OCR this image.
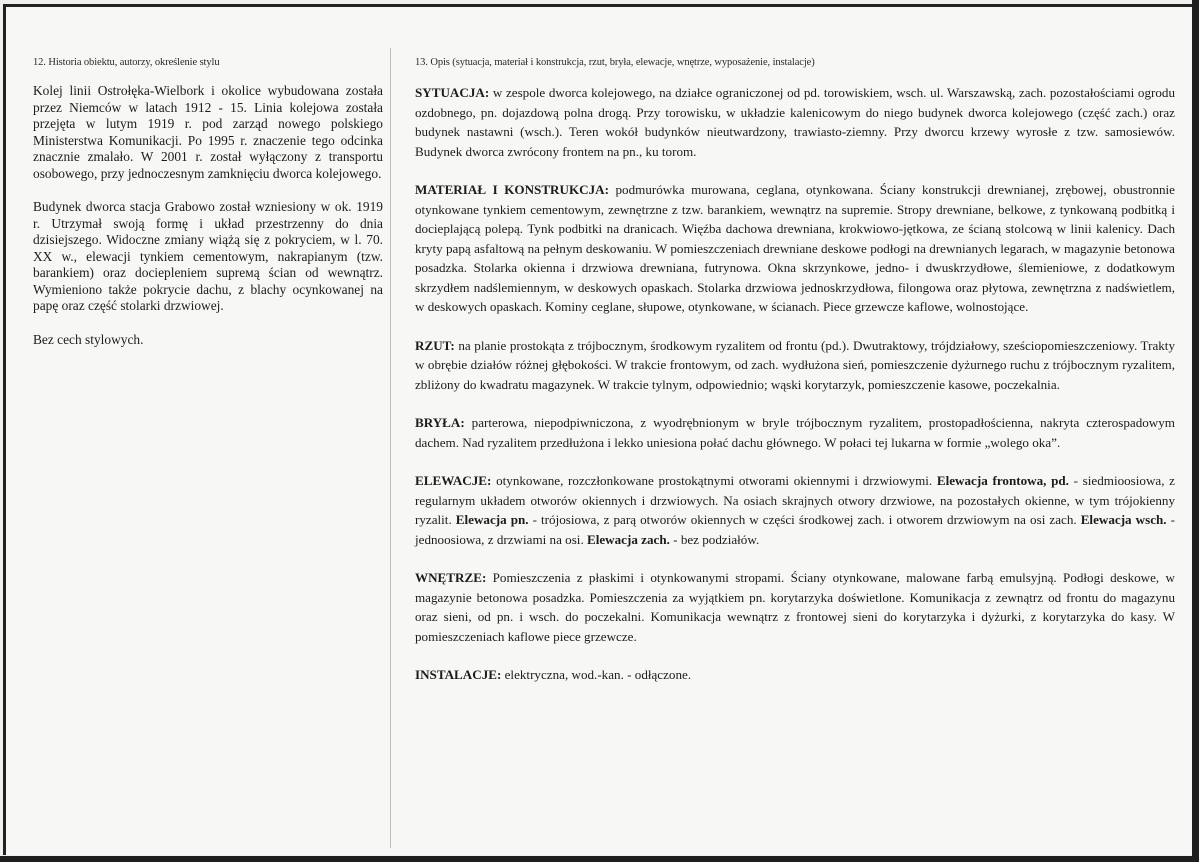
12. Historia obiektu, autorzy, określenie stylu

Kolej linii Ostrołęka-Wielbork i okolice wybudowana została przez Niemców w latach 1912 - 15. Linia kolejowa została przejęta w lutym 1919 r. pod zarząd nowego polskiego Ministerstwa Komunikacji. Po 1995 r. znaczenie tego odcinka znacznie zmalało. W 2001 r. został wyłączony z transportu osobowego, przy jednoczesnym zamknięciu dworca kolejowego.

Budynek dworca stacja Grabowo został wzniesiony w ok. 1919 r. Utrzymał swoją formę i układ przestrzenny do dnia dzisiejszego. Widoczne zmiany wiążą się z pokryciem, w l. 70. XX w., elewacji tynkiem cementowym, nakrapianym (tzw. barankiem) oraz dociepleniem suprемą ścian od wewnątrz. Wymieniono także pokrycie dachu, z blachy ocynkowanej na papę oraz część stolarki drzwiowej.

Bez cech stylowych.

13. Opis (sytuacja, materiał i konstrukcja, rzut, bryła, elewacje, wnętrze, wyposażenie, instalacje)

SYTUACJA: w zespole dworca kolejowego, na działce ograniczonej od pd. torowiskiem, wsch. ul. Warszawską, zach. pozostałościami ogrodu ozdobnego, pn. dojazdową polna drogą. Przy torowisku, w układzie kalenicowym do niego budynek dworca kolejowego (część zach.) oraz budynek nastawni (wsch.). Teren wokół budynków nieutwardzony, trawiasto-ziemny. Przy dworcu krzewy wyrosłe z tzw. samosiewów. Budynek dworca zwrócony frontem na pn., ku torom.

MATERIAŁ I KONSTRUKCJA: podmurówka murowana, ceglana, otynkowana. Ściany konstrukcji drewnianej, zrębowej, obustronnie otynkowane tynkiem cementowym, zewnętrzne z tzw. barankiem, wewnątrz na supremie. Stropy drewniane, belkowe, z tynkowaną podbitką i docieplającą polepą. Tynk podbitki na dranicach. Więźba dachowa drewniana, krokwiowo-jętkowa, ze ścianą stolcową w linii kalenicy. Dach kryty papą asfaltową na pełnym deskowaniu. W pomieszczeniach drewniane deskowe podłogi na drewnianych legarach, w magazynie betonowa posadzka. Stolarka okienna i drzwiowa drewniana, futrynowa. Okna skrzynkowe, jedno- i dwuskrzydłowe, ślemieniowe, z dodatkowym skrzydłem nadślemiennym, w deskowych opaskach. Stolarka drzwiowa jednoskrzydłowa, filongowa oraz płytowa, zewnętrzna z nadświetlem, w deskowych opaskach. Kominy ceglane, słupowe, otynkowane, w ścianach. Piece grzewcze kaflowe, wolnostojące.

RZUT: na planie prostokąta z trójbocznym, środkowym ryzalitem od frontu (pd.). Dwutraktowy, trójdziałowy, sześciopomieszczeniowy. Trakty w obrębie działów różnej głębokości. W trakcie frontowym, od zach. wydłużona sień, pomieszczenie dyżurnego ruchu z trójbocznym ryzalitem, zbliżony do kwadratu magazynek. W trakcie tylnym, odpowiednio; wąski korytarzyk, pomieszczenie kasowe, poczekalnia.

BRYŁA: parterowa, niepodpiwniczona, z wyodrębnionym w bryle trójbocznym ryzalitem, prostopadłościenna, nakryta czterospadowym dachem. Nad ryzalitem przedłużona i lekko uniesiona połać dachu głównego. W połaci tej lukarna w formie „wolego oka”.

ELEWACJE: otynkowane, rozczłonkowane prostokątnymi otworami okiennymi i drzwiowymi. Elewacja frontowa, pd. - siedmioosiowa, z regularnym układem otworów okiennych i drzwiowych. Na osiach skrajnych otwory drzwiowe, na pozostałych okienne, w tym trójokienny ryzalit. Elewacja pn. - trójosiowa, z parą otworów okiennych w części środkowej zach. i otworem drzwiowym na osi zach. Elewacja wsch. - jednoosiowa, z drzwiami na osi. Elewacja zach. - bez podziałów.

WNĘTRZE: Pomieszczenia z płaskimi i otynkowanymi stropami. Ściany otynkowane, malowane farbą emulsyjną. Podłogi deskowe, w magazynie betonowa posadzka. Pomieszczenia za wyjątkiem pn. korytarzyka doświetlone. Komunikacja z zewnątrz od frontu do magazynu oraz sieni, od pn. i wsch. do poczekalni. Komunikacja wewnątrz z frontowej sieni do korytarzyka i dyżurki, z korytarzyka do kasy. W pomieszczeniach kaflowe piece grzewcze.

INSTALACJE: elektryczna, wod.-kan. - odłączone.
